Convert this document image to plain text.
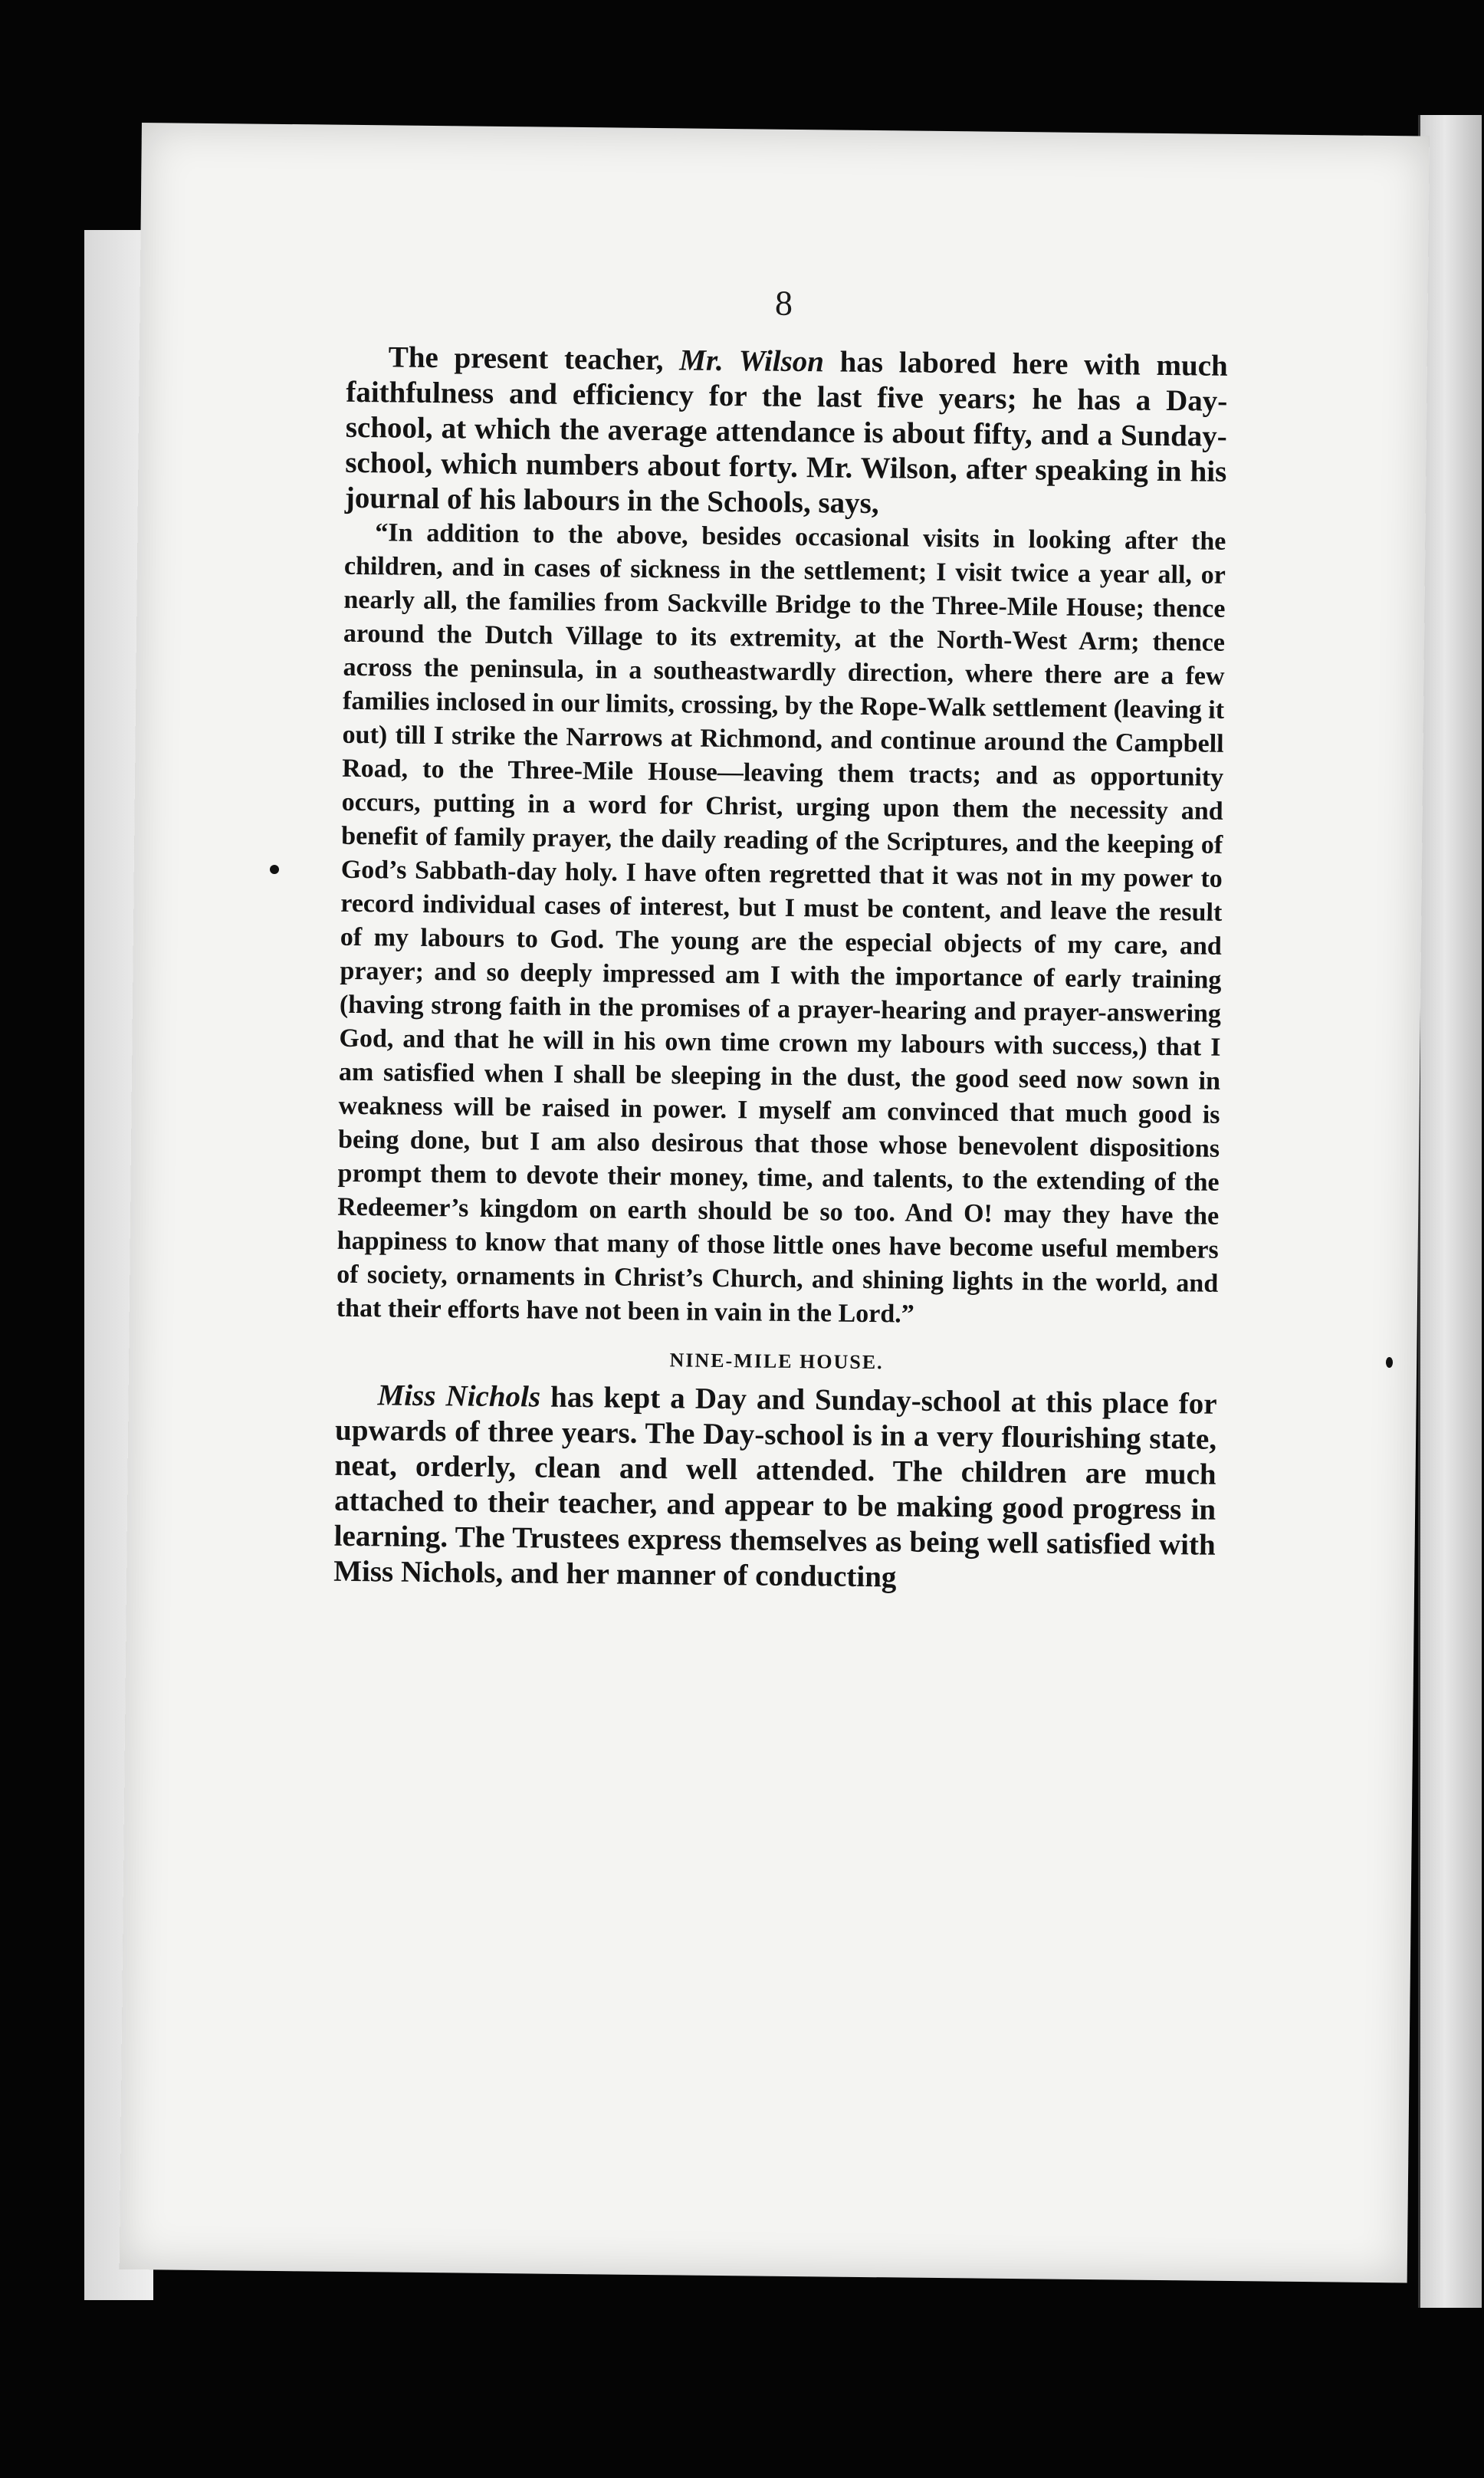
8

The present teacher, Mr. Wilson has labored here with much faithfulness and efficiency for the last five years; he has a Day-school, at which the average attendance is about fifty, and a Sunday-school, which numbers about forty. Mr. Wilson, after speaking in his journal of his labours in the Schools, says,

“In addition to the above, besides occasional visits in looking after the children, and in cases of sickness in the settlement; I visit twice a year all, or nearly all, the families from Sackville Bridge to the Three-Mile House; thence around the Dutch Village to its extremity, at the North-West Arm; thence across the peninsula, in a southeastwardly direction, where there are a few families inclosed in our limits, crossing, by the Rope-Walk settlement (leaving it out) till I strike the Narrows at Richmond, and continue around the Campbell Road, to the Three-Mile House—leaving them tracts; and as opportunity occurs, putting in a word for Christ, urging upon them the necessity and benefit of family prayer, the daily reading of the Scriptures, and the keeping of God’s Sabbath-day holy. I have often regretted that it was not in my power to record individual cases of interest, but I must be content, and leave the result of my labours to God. The young are the especial objects of my care, and prayer; and so deeply impressed am I with the importance of early training (having strong faith in the promises of a prayer-hearing and prayer-answering God, and that he will in his own time crown my labours with success,) that I am satisfied when I shall be sleeping in the dust, the good seed now sown in weakness will be raised in power. I myself am convinced that much good is being done, but I am also desirous that those whose benevolent dispositions prompt them to devote their money, time, and talents, to the extending of the Redeemer’s kingdom on earth should be so too. And O! may they have the happiness to know that many of those little ones have become useful members of society, ornaments in Christ’s Church, and shining lights in the world, and that their efforts have not been in vain in the Lord.”

NINE-MILE HOUSE.

Miss Nichols has kept a Day and Sunday-school at this place for upwards of three years. The Day-school is in a very flourishing state, neat, orderly, clean and well attended. The children are much attached to their teacher, and appear to be making good progress in learning. The Trustees express themselves as being well satisfied with Miss Nichols, and her manner of conducting
